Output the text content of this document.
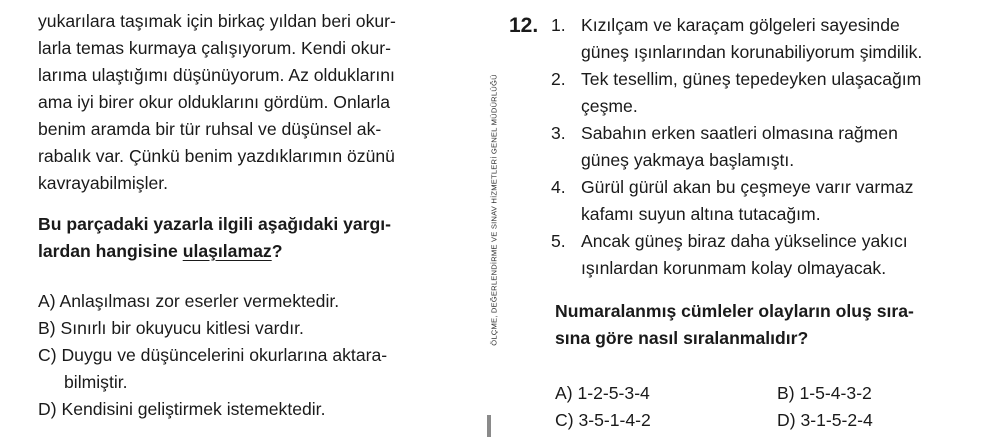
yukarılara taşımak için birkaç yıldan beri okur-
larla temas kurmaya çalışıyorum. Kendi okur-
larıma ulaştığımı düşünüyorum. Az olduklarını
ama iyi birer okur olduklarını gördüm. Onlarla
benim aramda bir tür ruhsal ve düşünsel ak-
rabalık var. Çünkü benim yazdıklarımın özünü
kavrayabilmişler.
Bu parçadaki yazarla ilgili aşağıdaki yargı-
lardan hangisine ulaşılamaz?
A) Anlaşılması zor eserler vermektedir.
B) Sınırlı bir okuyucu kitlesi vardır.
C) Duygu ve düşüncelerini okurlarına aktara-
bilmiştir.
D) Kendisini geliştirmek istemektedir.
ÖLÇME, DEĞERLENDİRME VE SINAV HİZMETLERİ GENEL MÜDÜRLÜĞÜ
12. 1. Kızılçam ve karaçam gölgeleri sayesinde
güneş ışınlarından korunabiliyorum şimdilik.
2. Tek tesellim, güneş tepedeyken ulaşacağım
çeşme.
3. Sabahın erken saatleri olmasına rağmen
güneş yakmaya başlamıştı.
4. Gürül gürül akan bu çeşmeye varır varmaz
kafamı suyun altına tutacağım.
5. Ancak güneş biraz daha yükselince yakıcı
ışınlardan korunmam kolay olmayacak.
Numaralanmış cümleler olayların oluş sıra-
sına göre nasıl sıralanmalıdır?
A) 1-2-5-3-4	B) 1-5-4-3-2
C) 3-5-1-4-2	D) 3-1-5-2-4
